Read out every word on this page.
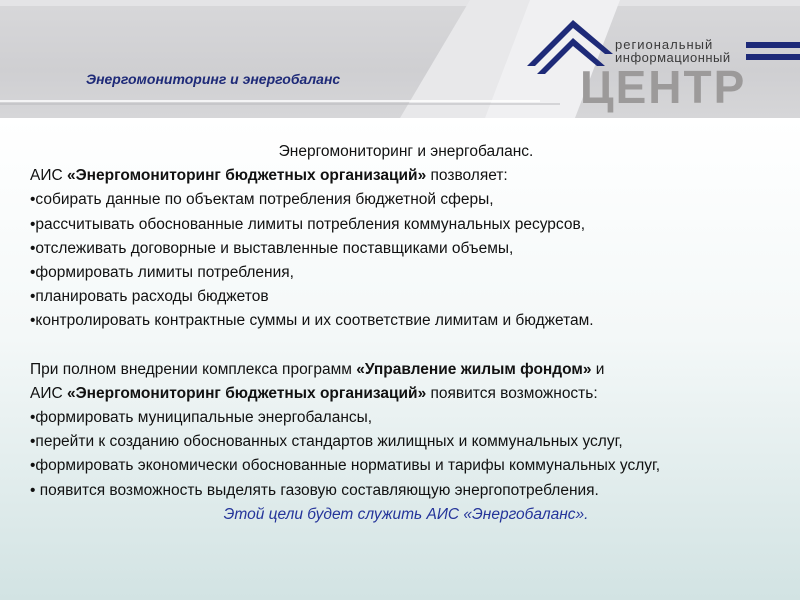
Энергомониторинг и энергобаланс
региональный
информационный
ЦЕНТР

Энергомониторинг и энергобаланс.

АИС «Энергомониторинг бюджетных организаций» позволяет:

•собирать данные по объектам потребления бюджетной сферы,

•рассчитывать обоснованные лимиты потребления коммунальных ресурсов,

•отслеживать договорные и выставленные поставщиками объемы,

•формировать лимиты потребления,

•планировать расходы бюджетов

•контролировать контрактные суммы и их соответствие лимитам и бюджетам.

При полном внедрении комплекса программ «Управление жилым фондом» и

АИС «Энергомониторинг бюджетных организаций» появится возможность:

•формировать муниципальные энергобалансы,

•перейти к созданию обоснованных стандартов жилищных и коммунальных услуг,

•формировать экономически обоснованные нормативы и тарифы коммунальных услуг,

• появится возможность выделять газовую составляющую энергопотребления.

Этой цели будет служить АИС «Энергобаланс».
